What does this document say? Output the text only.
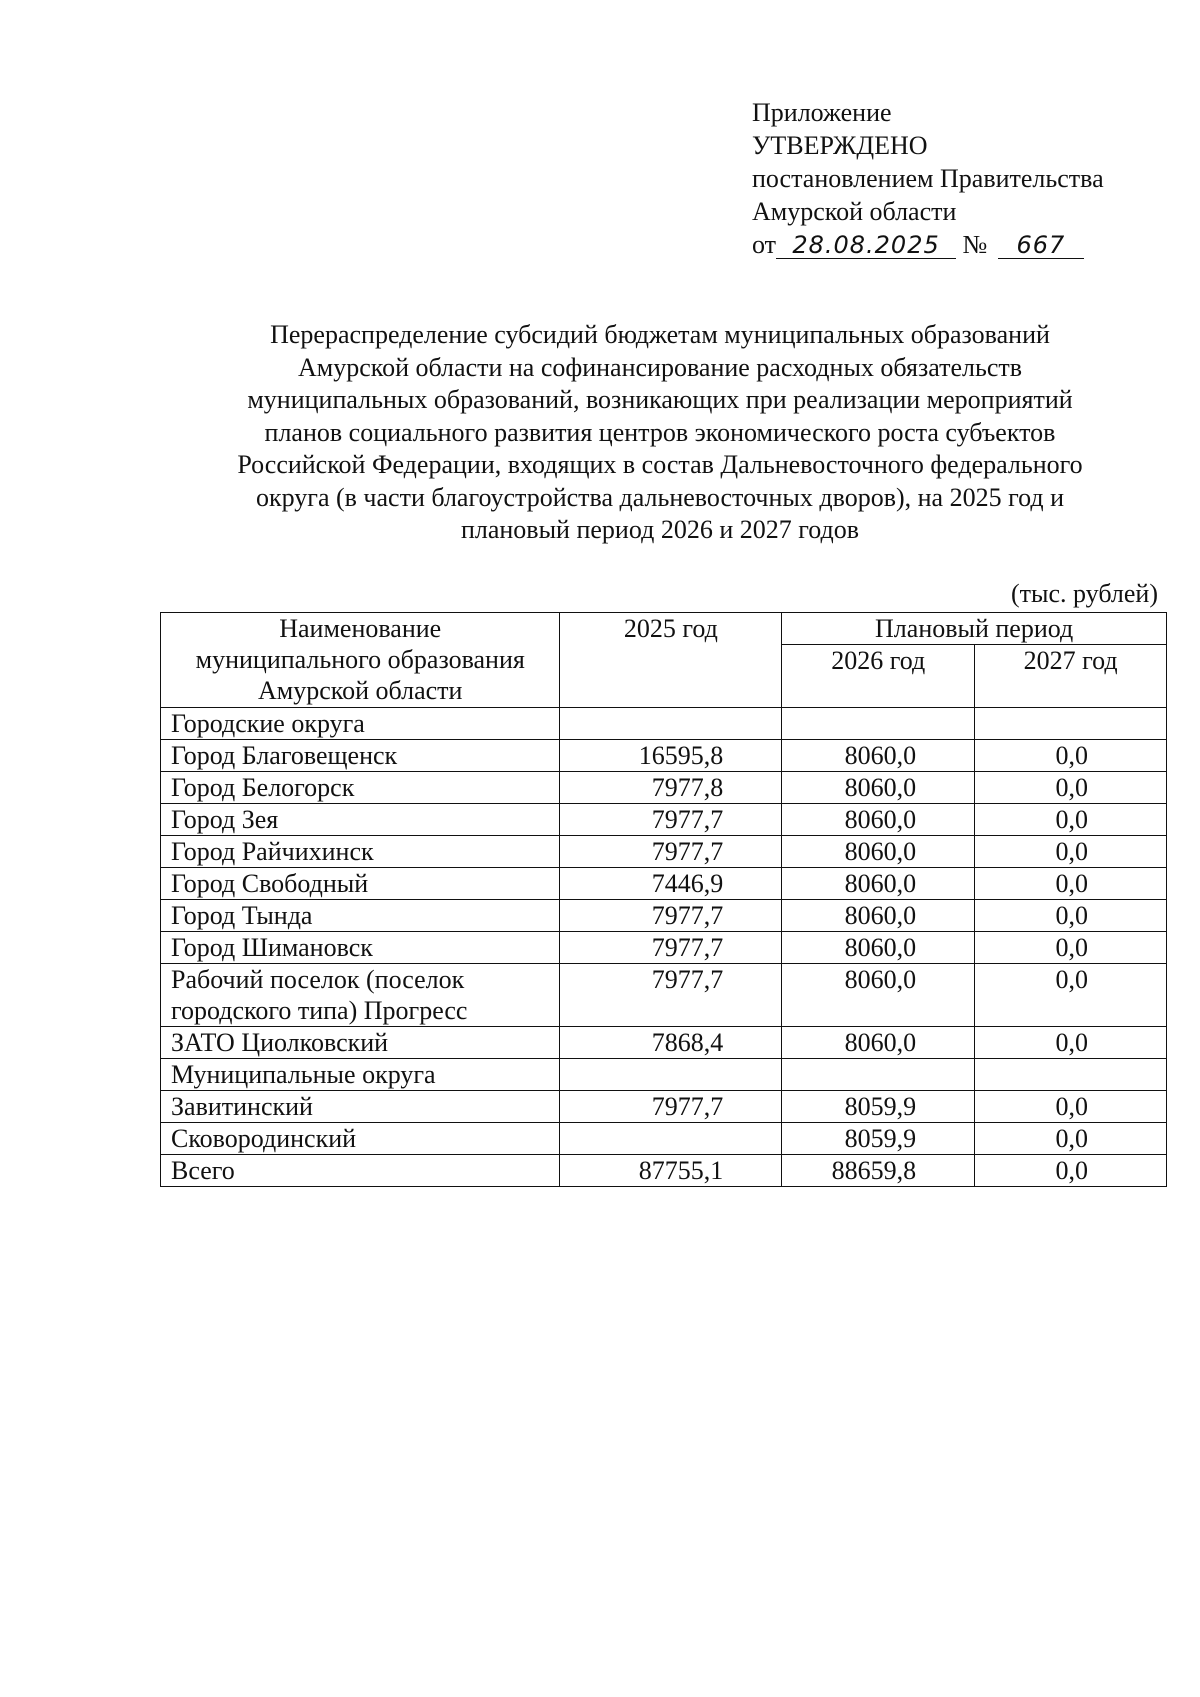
Приложение
УТВЕРЖДЕНО
постановлением Правительства
Амурской области
от 28.08.2025 № 667
Перераспределение субсидий бюджетам муниципальных образований
Амурской области на софинансирование расходных обязательств
муниципальных образований, возникающих при реализации мероприятий
планов социального развития центров экономического роста субъектов
Российской Федерации, входящих в состав Дальневосточного федерального
округа (в части благоустройства дальневосточных дворов), на 2025 год и
плановый период 2026 и 2027 годов
(тыс. рублей)
Наименование
муниципального образования
Амурской области	2025 год	Плановый период	
		2026 год	2027 год
Городские округа			
Город Благовещенск	16595,8	8060,0	0,0
Город Белогорск	7977,8	8060,0	0,0
Город Зея	7977,7	8060,0	0,0
Город Райчихинск	7977,7	8060,0	0,0
Город Свободный	7446,9	8060,0	0,0
Город Тында	7977,7	8060,0	0,0
Город Шимановск	7977,7	8060,0	0,0
Рабочий поселок (поселок
городского типа) Прогресс	7977,7	8060,0	0,0
ЗАТО Циолковский	7868,4	8060,0	0,0
Муниципальные округа			
Завитинский	7977,7	8059,9	0,0
Сковородинский		8059,9	0,0
Всего	87755,1	88659,8	0,0
